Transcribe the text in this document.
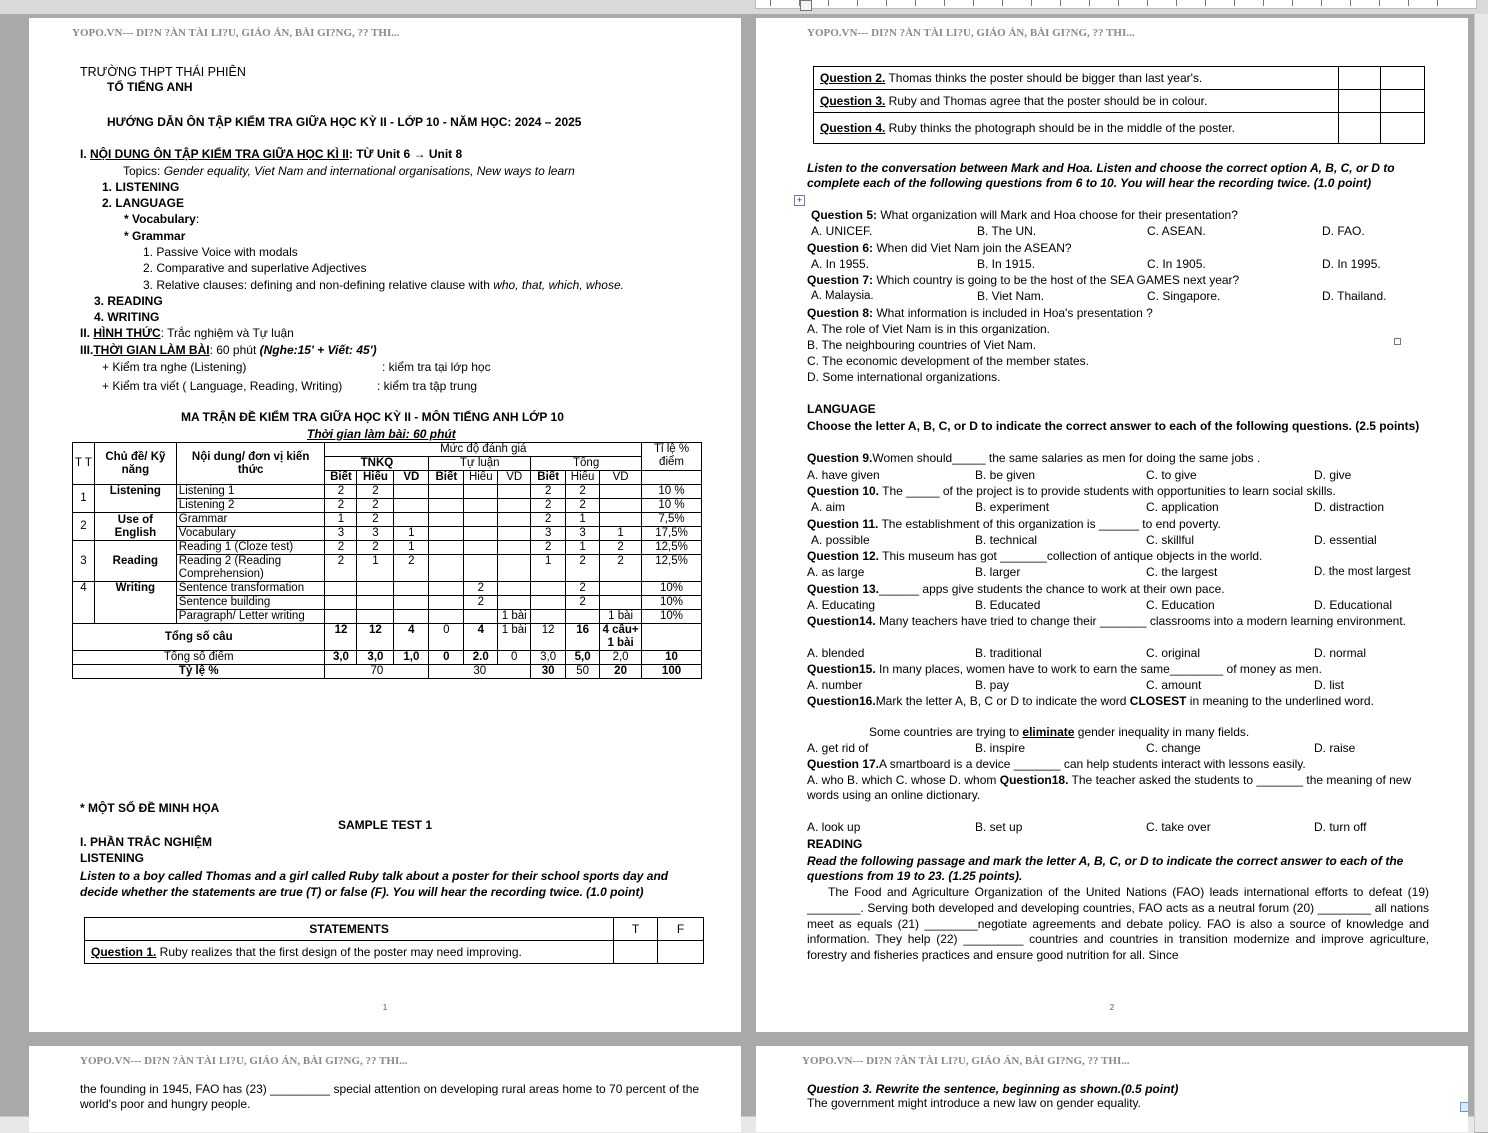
YOPO.VN--- DI?N ?ÀN TÀI LI?U, GIÁO ÁN, BÀI GI?NG, ?? THI...
TRƯỜNG THPT THÁI PHIÊN
TỔ TIẾNG ANH
HƯỚNG DẪN ÔN TẬP KIỂM TRA GIỮA HỌC KỲ II - LỚP 10 - NĂM HỌC: 2024 – 2025
I. NỘI DUNG ÔN TẬP KIỂM TRA GIỮA HỌC KÌ II: TỪ Unit 6 → Unit 8
Topics: Gender equality, Viet Nam and international organisations, New ways to learn
1. LISTENING
2. LANGUAGE
* Vocabulary:
* Grammar
1. Passive Voice with modals
2. Comparative and superlative Adjectives
3. Relative clauses: defining and non-defining relative clause with who, that, which, whose.
3. READING
4. WRITING
II. HÌNH THỨC: Trắc nghiệm và Tự luận
III.THỜI GIAN LÀM BÀI: 60 phút (Nghe:15' + Viết: 45')
+ Kiểm tra nghe (Listening)	: kiểm tra tại lớp học
+ Kiểm tra viết ( Language, Reading, Writing)	: kiểm tra tập trung
MA TRẬN ĐỀ KIỂM TRA GIỮA HỌC KỲ II - MÔN TIẾNG ANH LỚP 10
Thời gian làm bài: 60 phút
T T	Chủ đề/ Kỹ năng	Nội dung/ đơn vị kiến thức	Mức độ đánh giá									Tỉ lệ % điểm
			TNKQ			Tự luận			Tổng			
			Biết	Hiểu	VD	Biết	Hiểu	VD	Biết	Hiểu	VD	
1	Listening	Listening 1	2	2					2	2		10 %
		Listening 2	2	2					2	2		10 %
2	Use of English	Grammar	1	2					2	1		7,5%
		Vocabulary	3	3	1				3	3	1	17,5%
3	Reading	Reading 1 (Cloze test)	2	2	1				2	1	2	12,5%
		Reading 2 (Reading Comprehension)	2	1	2				1	2	2	12,5%
4	Writing	Sentence transformation					2			2		10%
		Sentence building					2			2		10%
		Paragraph/ Letter writing						1 bài			1 bài	10%
Tổng số câu			12	12	4	0	4	1 bài	12	16	4 câu+ 1 bài	
Tổng số điểm			3,0	3,0	1,0	0	2.0	0	3,0	5,0	2,0	10
Tỷ lệ %			70			30			30	50	20	100
* MỘT SỐ ĐỀ MINH HỌA
SAMPLE TEST 1
I. PHẦN TRẮC NGHIỆM
LISTENING
Listen to a boy called Thomas and a girl called Ruby talk about a poster for their school sports day and decide whether the statements are true (T) or false (F). You will hear the recording twice. (1.0 point)
STATEMENTS	T	F
Question 1. Ruby realizes that the first design of the poster may need improving.		
1
YOPO.VN--- DI?N ?ÀN TÀI LI?U, GIÁO ÁN, BÀI GI?NG, ?? THI...
Question 2. Thomas thinks the poster should be bigger than last year's.		
Question 3. Ruby and Thomas agree that the poster should be in colour.		
Question 4. Ruby thinks the photograph should be in the middle of the poster.		
+
Listen to the conversation between Mark and Hoa. Listen and choose the correct option A, B, C, or D to complete each of the following questions from 6 to 10. You will hear the recording twice. (1.0 point)
Question 5: What organization will Mark and Hoa choose for their presentation?
A. UNICEF.	B. The UN.	C. ASEAN.	D. FAO.
Question 6: When did Viet Nam join the ASEAN?
A. In 1955.	B. In 1915.	C. In 1905.	D. In 1995.
Question 7: Which country is going to be the host of the SEA GAMES next year?
A. Malaysia.	B. Viet Nam.	C. Singapore.	D. Thailand.
Question 8: What information is included in Hoa's presentation ?
A. The role of Viet Nam is in this organization.
B. The neighbouring countries of Viet Nam.
C. The economic development of the member states.
D. Some international organizations.
LANGUAGE
Choose the letter A, B, C, or D to indicate the correct answer to each of the following questions. (2.5 points)
Question 9.Women should_____ the same salaries as men for doing the same jobs .
A. have given	B. be given	C. to give	D. give
Question 10. The _____ of the project is to provide students with opportunities to learn social skills.
A. aim	B. experiment	C. application	D. distraction
Question 11. The establishment of this organization is ______ to end poverty.
A. possible	B. technical	C. skillful	D. essential
Question 12. This museum has got _______collection of antique objects in the world.
A. as large	B. larger	C. the largest	D. the most largest
Question 13.______ apps give students the chance to work at their own pace.
A. Educating	B. Educated	C. Education	D. Educational
Question14. Many teachers have tried to change their _______ classrooms into a modern learning environment.
A. blended	B. traditional	C. original	D. normal
Question15. In many places, women have to work to earn the same________ of money as men.
A. number	B. pay	C. amount	D. list
Question16.Mark the letter A, B, C or D to indicate the word CLOSEST in meaning to the underlined word.
Some countries are trying to eliminate gender inequality in many fields.
A. get rid of	B. inspire	C. change	D. raise
Question 17.A smartboard is a device _______ can help students interact with lessons easily.
A. who B. which C. whose D. whom Question18. The teacher asked the students to _______ the meaning of new words using an online dictionary.
A. look up	B. set up	C. take over	D. turn off
READING
Read the following passage and mark the letter A, B, C, or D to indicate the correct answer to each of the questions from 19 to 23. (1.25 points).
The Food and Agriculture Organization of the United Nations (FAO) leads international efforts to defeat (19) ________. Serving both developed and developing countries, FAO acts as a neutral forum (20) ________ all nations meet as equals (21) ________negotiate agreements and debate policy. FAO is also a source of knowledge and information. They help (22) _________ countries and countries in transition modernize and improve agriculture, forestry and fisheries practices and ensure good nutrition for all. Since
2
YOPO.VN--- DI?N ?ÀN TÀI LI?U, GIÁO ÁN, BÀI GI?NG, ?? THI...
the founding in 1945, FAO has (23) _________ special attention on developing rural areas home to 70 percent of the world's poor and hungry people.
YOPO.VN--- DI?N ?ÀN TÀI LI?U, GIÁO ÁN, BÀI GI?NG, ?? THI...
Question 3. Rewrite the sentence, beginning as shown.(0.5 point)
The government might introduce a new law on gender equality.
